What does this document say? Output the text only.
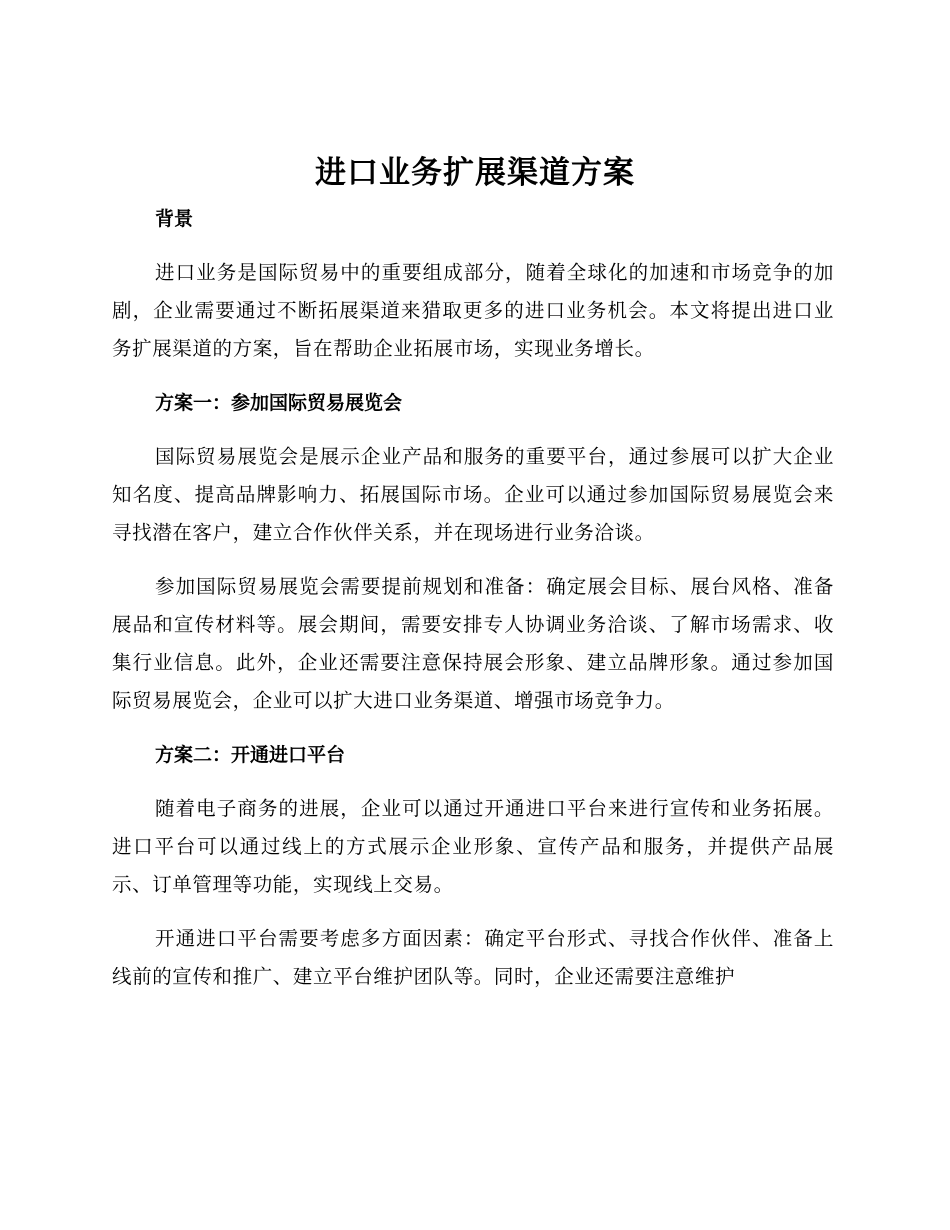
进口业务扩展渠道方案

背景

进口业务是国际贸易中的重要组成部分，随着全球化的加速和市场竞争的加剧，企业需要通过不断拓展渠道来猎取更多的进口业务机会。本文将提出进口业务扩展渠道的方案，旨在帮助企业拓展市场，实现业务增长。

方案一：参加国际贸易展览会

国际贸易展览会是展示企业产品和服务的重要平台，通过参展可以扩大企业知名度、提高品牌影响力、拓展国际市场。企业可以通过参加国际贸易展览会来寻找潜在客户，建立合作伙伴关系，并在现场进行业务洽谈。

参加国际贸易展览会需要提前规划和准备：确定展会目标、展台风格、准备展品和宣传材料等。展会期间，需要安排专人协调业务洽谈、了解市场需求、收集行业信息。此外，企业还需要注意保持展会形象、建立品牌形象。通过参加国际贸易展览会，企业可以扩大进口业务渠道、增强市场竞争力。

方案二：开通进口平台

随着电子商务的进展，企业可以通过开通进口平台来进行宣传和业务拓展。进口平台可以通过线上的方式展示企业形象、宣传产品和服务，并提供产品展示、订单管理等功能，实现线上交易。

开通进口平台需要考虑多方面因素：确定平台形式、寻找合作伙伴、准备上线前的宣传和推广、建立平台维护团队等。同时，企业还需要注意维护
